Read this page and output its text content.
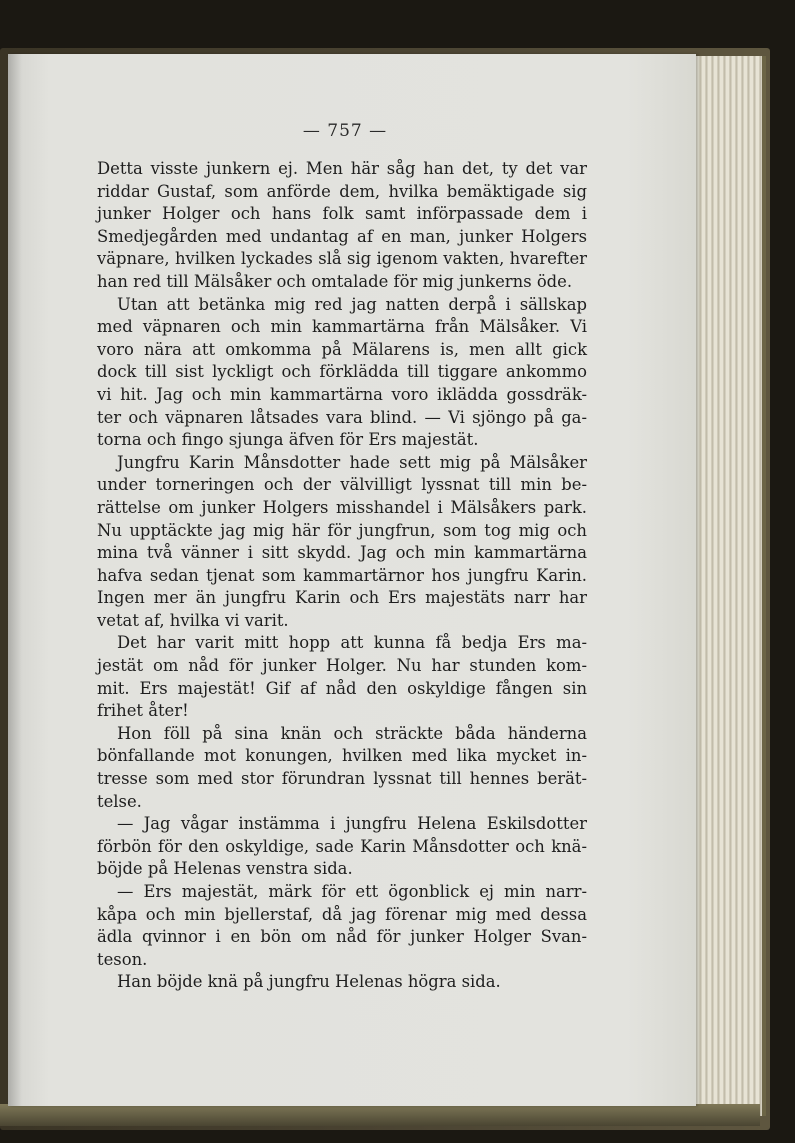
— 757 —
Detta visste junkern ej. Men här såg han det, ty det var
riddar Gustaf, som anförde dem, hvilka bemäktigade sig
junker Holger och hans folk samt införpassade dem i
Smedjegården med undantag af en man, junker Holgers
väpnare, hvilken lyckades slå sig igenom vakten, hvarefter
han red till Mälsåker och omtalade för mig junkerns öde.
Utan att betänka mig red jag natten derpå i sällskap
med väpnaren och min kammartärna från Mälsåker. Vi
voro nära att omkomma på Mälarens is, men allt gick
dock till sist lyckligt och förklädda till tiggare ankommo
vi hit. Jag och min kammartärna voro iklädda gossdräk-
ter och väpnaren låtsades vara blind. — Vi sjöngo på ga-
torna och fingo sjunga äfven för Ers majestät.
Jungfru Karin Månsdotter hade sett mig på Mälsåker
under torneringen och der välvilligt lyssnat till min be-
rättelse om junker Holgers misshandel i Mälsåkers park.
Nu upptäckte jag mig här för jungfrun, som tog mig och
mina två vänner i sitt skydd. Jag och min kammartärna
hafva sedan tjenat som kammartärnor hos jungfru Karin.
Ingen mer än jungfru Karin och Ers majestäts narr har
vetat af, hvilka vi varit.
Det har varit mitt hopp att kunna få bedja Ers ma-
jestät om nåd för junker Holger. Nu har stunden kom-
mit. Ers majestät! Gif af nåd den oskyldige fången sin
frihet åter!
Hon föll på sina knän och sträckte båda händerna
bönfallande mot konungen, hvilken med lika mycket in-
tresse som med stor förundran lyssnat till hennes berät-
telse.
— Jag vågar instämma i jungfru Helena Eskilsdotter
förbön för den oskyldige, sade Karin Månsdotter och knä-
böjde på Helenas venstra sida.
— Ers majestät, märk för ett ögonblick ej min narr-
kåpa och min bjellerstaf, då jag förenar mig med dessa
ädla qvinnor i en bön om nåd för junker Holger Svan-
teson.
Han böjde knä på jungfru Helenas högra sida.
